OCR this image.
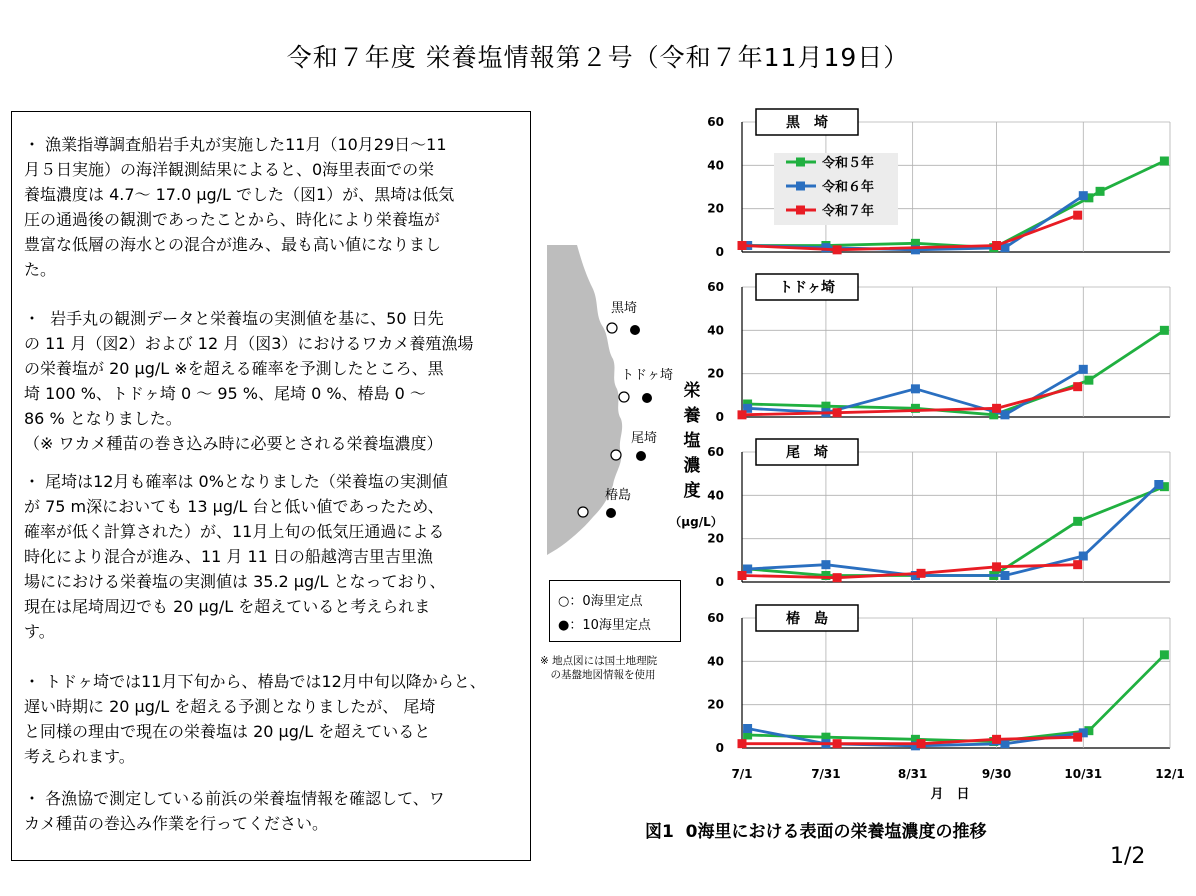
令和７年度 栄養塩情報第２号（令和７年11月19日）
・ 漁業指導調査船岩手丸が実施した11月（10月29日～11
月５日実施）の海洋観測結果によると、0海里表面での栄
養塩濃度は 4.7～ 17.0 μg/L でした（図1）が、黒埼は低気
圧の通過後の観測であったことから、時化により栄養塩が
豊富な低層の海水との混合が進み、最も高い値になりまし
た。
・  岩手丸の観測データと栄養塩の実測値を基に、50 日先
の 11 月（図2）および 12 月（図3）におけるワカメ養殖漁場
の栄養塩が 20 μg/L ※を超える確率を予測したところ、黒
埼 100 %、トドヶ埼 0 ～ 95 %、尾埼 0 %、椿島 0 ～
86 % となりました。
（※ ワカメ種苗の巻き込み時に必要とされる栄養塩濃度）
・ 尾埼は12月も確率は 0%となりました（栄養塩の実測値
が 75 m深においても 13 μg/L 台と低い値であったため、
確率が低く計算された）が、11月上旬の低気圧通過による
時化により混合が進み、11 月 11 日の船越湾吉里吉里漁
場ににおける栄養塩の実測値は 35.2 μg/L となっており、
現在は尾埼周辺でも 20 μg/L を超えていると考えられま
す。
・ トドヶ埼では11月下旬から、椿島では12月中旬以降からと、
遅い時期に 20 μg/L を超える予測となりましたが、 尾埼
と同様の理由で現在の栄養塩は 20 μg/L を超えていると
考えられます。
・ 各漁協で測定している前浜の栄養塩情報を確認して、ワ
カメ種苗の巻込み作業を行ってください。
黒埼
トドヶ埼
尾埼
椿島
○：0海里定点
●：10海里定点
※ 地点図には国土地理院
　の基盤地図情報を使用
0
20
40
60	黒　埼
0
20
40
60	トドヶ埼
0
20
40
60	尾　埼
0
20
40
60	椿　島
令和５年
令和６年
令和７年
7/1	7/31	8/31	9/30	10/31	12/1
月　日
栄
養
塩
濃
度
（μg/L）
図1  0海里における表面の栄養塩濃度の推移
1/2
